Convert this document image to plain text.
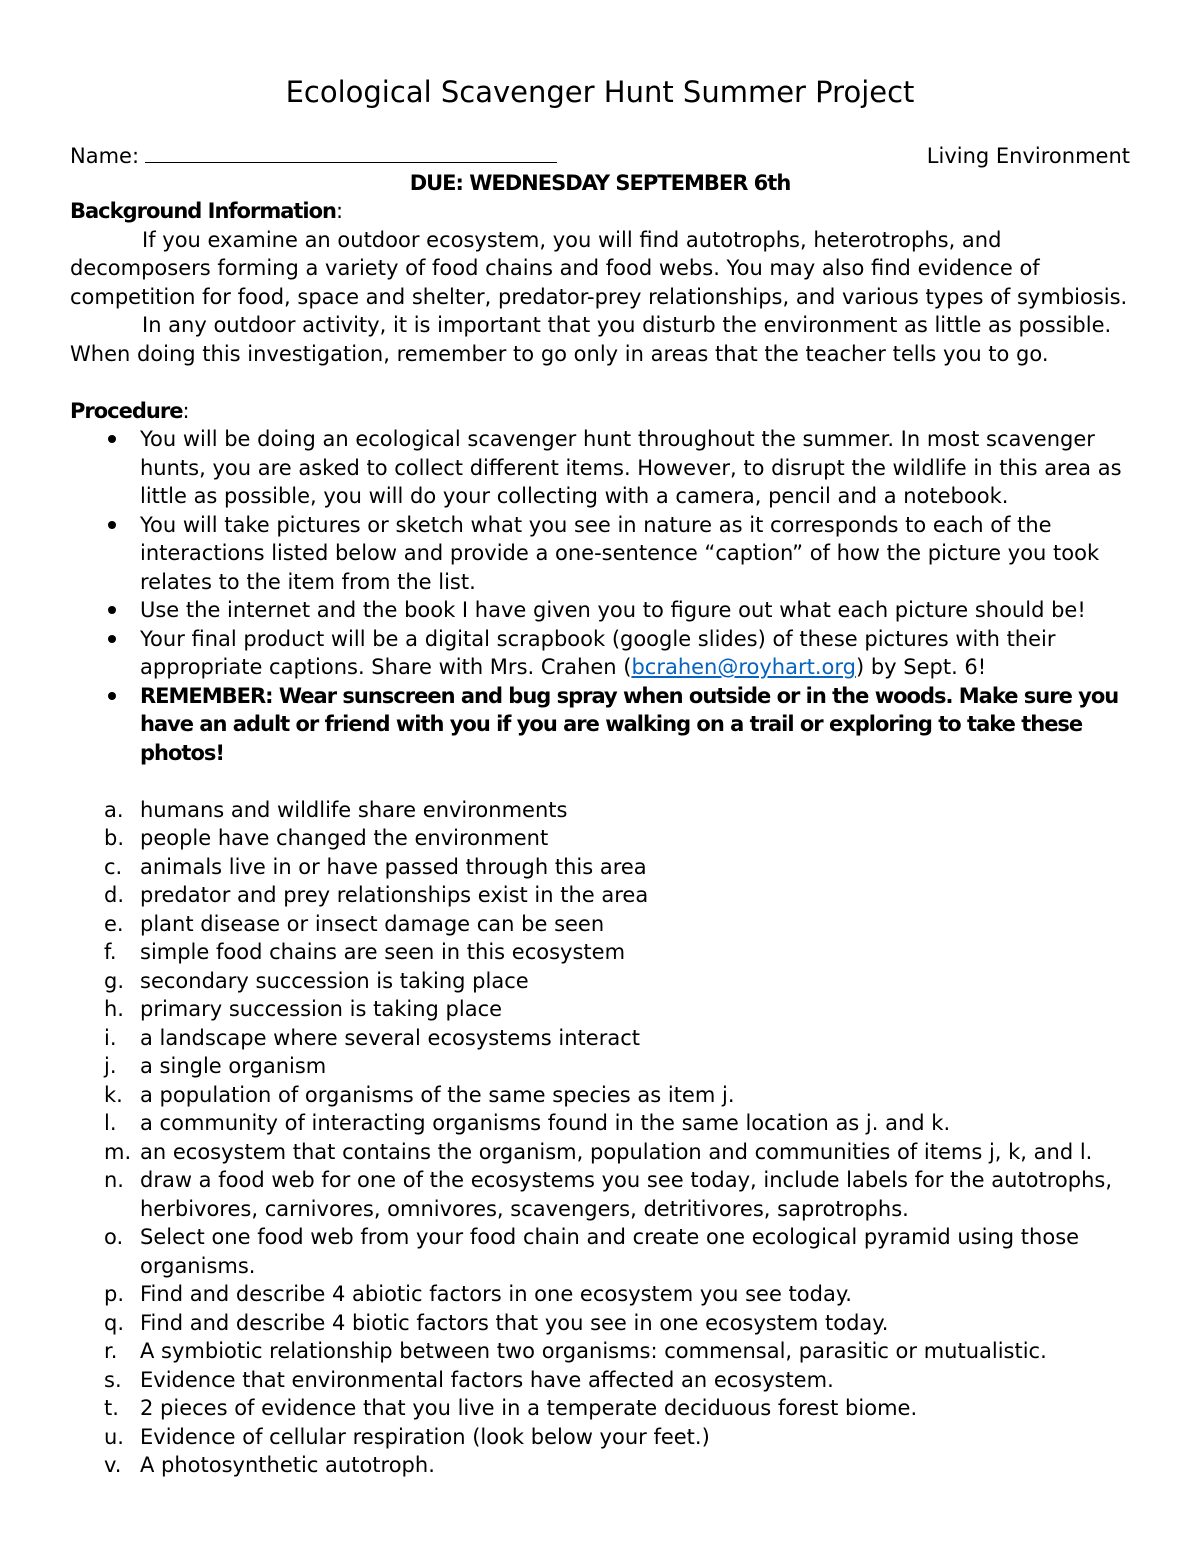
Ecological Scavenger Hunt Summer Project
Name:	Living Environment
DUE: WEDNESDAY SEPTEMBER 6th
Background Information:

If you examine an outdoor ecosystem, you will find autotrophs, heterotrophs, and decomposers forming a variety of food chains and food webs. You may also find evidence of competition for food, space and shelter, predator-prey relationships, and various types of symbiosis.

In any outdoor activity, it is important that you disturb the environment as little as possible. When doing this investigation, remember to go only in areas that the teacher tells you to go.

Procedure:
You will be doing an ecological scavenger hunt throughout the summer. In most scavenger hunts, you are asked to collect different items. However, to disrupt the wildlife in this area as little as possible, you will do your collecting with a camera, pencil and a notebook.
You will take pictures or sketch what you see in nature as it corresponds to each of the interactions listed below and provide a one-sentence “caption” of how the picture you took relates to the item from the list.
Use the internet and the book I have given you to figure out what each picture should be!
Your final product will be a digital scrapbook (google slides) of these pictures with their appropriate captions. Share with Mrs. Crahen (bcrahen@royhart.org) by Sept. 6!
REMEMBER: Wear sunscreen and bug spray when outside or in the woods. Make sure you have an adult or friend with you if you are walking on a trail or exploring to take these photos!
a. humans and wildlife share environments
b. people have changed the environment
c. animals live in or have passed through this area
d. predator and prey relationships exist in the area
e. plant disease or insect damage can be seen
f. simple food chains are seen in this ecosystem
g. secondary succession is taking place
h. primary succession is taking place
i. a landscape where several ecosystems interact
j. a single organism
k. a population of organisms of the same species as item j.
l. a community of interacting organisms found in the same location as j. and k.
m. an ecosystem that contains the organism, population and communities of items j, k, and l.
n. draw a food web for one of the ecosystems you see today, include labels for the autotrophs, herbivores, carnivores, omnivores, scavengers, detritivores, saprotrophs.
o. Select one food web from your food chain and create one ecological pyramid using those organisms.
p. Find and describe 4 abiotic factors in one ecosystem you see today.
q. Find and describe 4 biotic factors that you see in one ecosystem today.
r. A symbiotic relationship between two organisms: commensal, parasitic or mutualistic.
s. Evidence that environmental factors have affected an ecosystem.
t. 2 pieces of evidence that you live in a temperate deciduous forest biome.
u. Evidence of cellular respiration (look below your feet.)
v. A photosynthetic autotroph.
